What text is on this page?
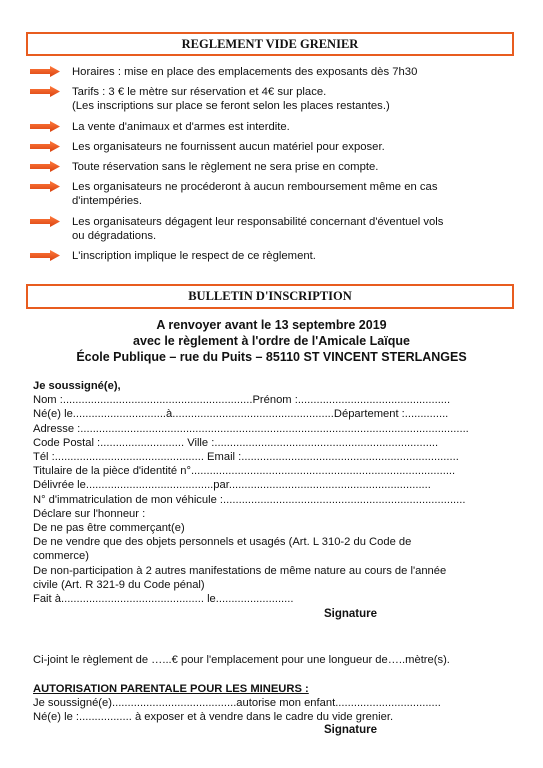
REGLEMENT VIDE GRENIER
Horaires : mise en place des emplacements des exposants dès 7h30
Tarifs : 3 € le mètre sur réservation et 4€ sur place.
(Les inscriptions sur place se feront selon les places restantes.)
La vente d'animaux et d'armes est interdite.
Les organisateurs ne fournissent aucun matériel pour exposer.
Toute réservation sans le règlement ne sera prise en compte.
Les organisateurs ne procéderont à aucun remboursement même en cas
d'intempéries.
Les organisateurs dégagent leur responsabilité concernant d'éventuel vols
ou dégradations.
L'inscription implique le respect de ce règlement.
BULLETIN D'INSCRIPTION
A renvoyer avant le 13 septembre 2019
avec le règlement à l'ordre de l'Amicale Laïque
École Publique – rue du Puits – 85110 ST VINCENT STERLANGES
Je soussigné(e),
Nom :.............................................................Prénom :.................................................
Né(e) le..............................à....................................................Département :..............
Adresse :.............................................................................................................................
Code Postal :........................... Ville :........................................................................
Tél :................................................ Email :......................................................................
Titulaire de la pièce d'identité n°.....................................................................................
Délivrée le.........................................par.................................................................
N° d'immatriculation de mon véhicule :..............................................................................
Déclare sur l'honneur :
De ne pas être commerçant(e)
De ne vendre que des objets personnels et usagés (Art. L 310-2 du Code de
commerce)
De non-participation à 2 autres manifestations de même nature au cours de l'année
civile (Art. R 321-9 du Code pénal)
Fait à.............................................. le.........................
Signature
Ci-joint le règlement de …...€ pour l'emplacement pour une longueur de…..mètre(s).
AUTORISATION PARENTALE POUR LES MINEURS :
Je soussigné(e)........................................autorise mon enfant..................................
Né(e) le :................. à exposer et à vendre dans le cadre du vide grenier.
Signature
